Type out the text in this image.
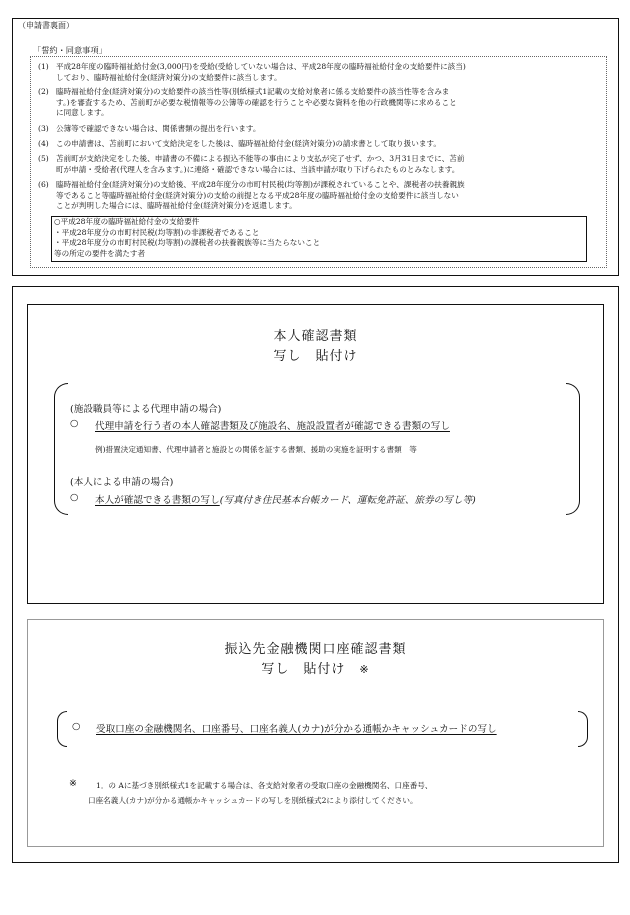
（申請書裏面）
「誓約・同意事項」
(1) 平成28年度の臨時福祉給付金(3,000円)を受給(受給していない場合は、平成28年度の臨時福祉給付金の支給要件に該当)
しており、臨時福祉給付金(経済対策分)の支給要件に該当します。
(2) 臨時福祉給付金(経済対策分)の支給要件の該当性等(別紙様式1記載の支給対象者に係る支給要件の該当性等を含みま
す。)を審査するため、苫前町が必要な税情報等の公簿等の確認を行うことや必要な資料を他の行政機関等に求めること
に同意します。
(3) 公簿等で確認できない場合は、関係書類の提出を行います。
(4) この申請書は、苫前町において支給決定をした後は、臨時福祉給付金(経済対策分)の請求書として取り扱います。
(5) 苫前町が支給決定をした後、申請書の不備による振込不能等の事由により支払が完了せず、かつ、3月31日までに、苫前
町が申請・受給者(代理人を含みます。)に連絡・確認できない場合には、当該申請が取り下げられたものとみなします。
(6) 臨時福祉給付金(経済対策分)の支給後、平成28年度分の市町村民税(均等割)が課税されていることや、課税者の扶養親族
等であること等臨時福祉給付金(経済対策分)の支給の前提となる平成28年度の臨時福祉給付金の支給要件に該当しない
ことが判明した場合には、臨時福祉給付金(経済対策分)を返還します。
○平成28年度の臨時福祉給付金の支給要件
・平成28年度分の市町村民税(均等割)の非課税者であること
・平成28年度分の市町村民税(均等割)の課税者の扶養親族等に当たらないこと
等の所定の要件を満たす者
本人確認書類
写し　貼付け
(施設職員等による代理申請の場合)
○ 代理申請を行う者の本人確認書類及び施設名、施設設置者が確認できる書類の写し
例)措置決定通知書、代理申請者と施設との関係を証する書類、援助の実施を証明する書類　等
(本人による申請の場合)
○ 本人が確認できる書類の写し(写真付き住民基本台帳カード、運転免許証、旅券の写し等)
振込先金融機関口座確認書類
写し　貼付け ※
○ 受取口座の金融機関名、口座番号、口座名義人(カナ)が分かる通帳かキャッシュカードの写し
※ 1．の Aに基づき別紙様式1を記載する場合は、各支給対象者の受取口座の金融機関名、口座番号、
口座名義人(カナ)が分かる通帳かキャッシュカードの写しを別紙様式2により添付してください。
